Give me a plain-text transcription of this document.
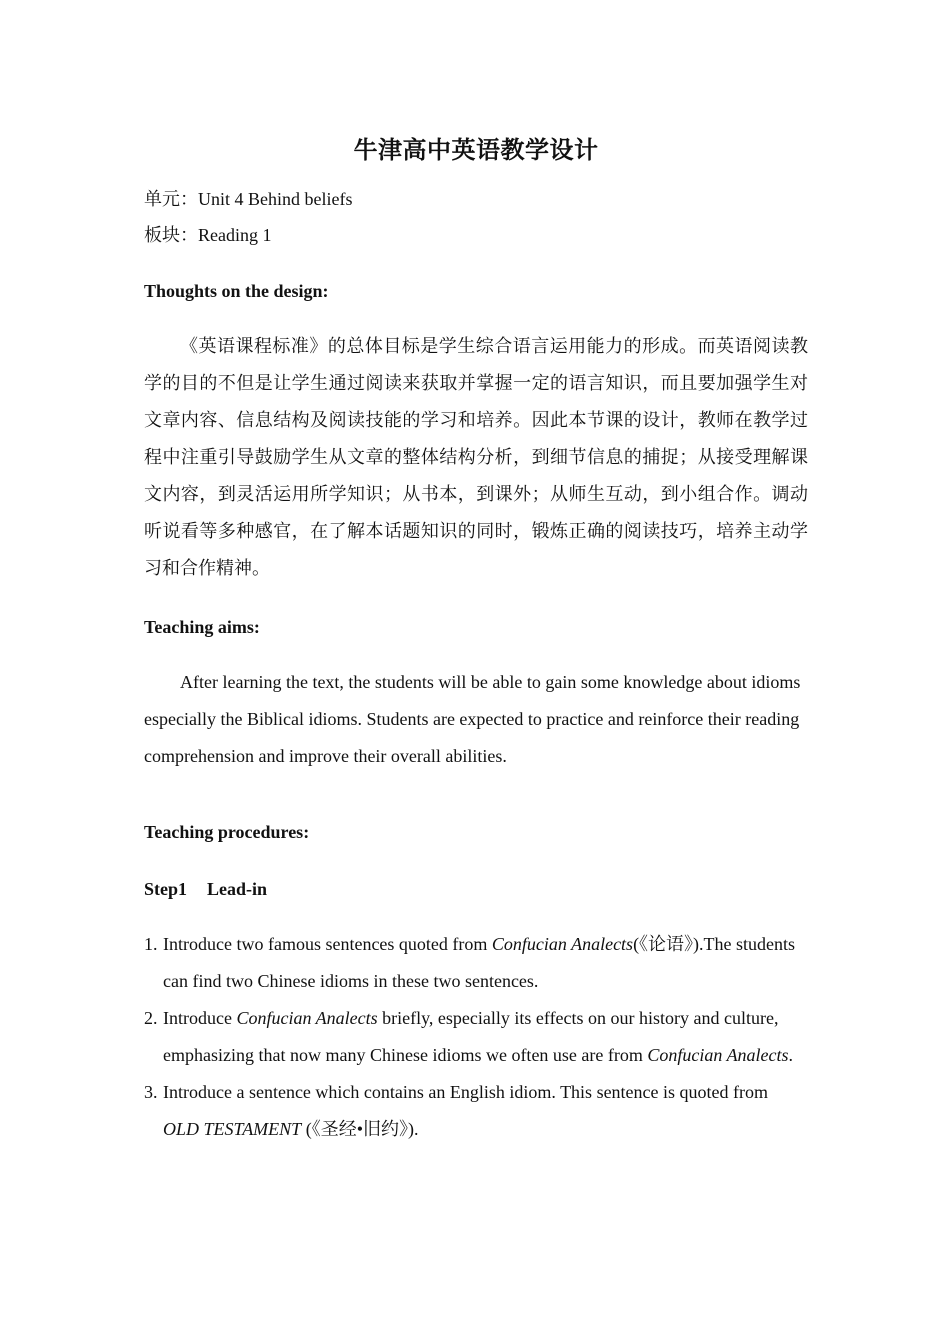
牛津高中英语教学设计
单元：Unit 4 Behind beliefs
板块：Reading 1
Thoughts on the design:
《英语课程标准》的总体目标是学生综合语言运用能力的形成。而英语阅读教学的目的不但是让学生通过阅读来获取并掌握一定的语言知识，而且要加强学生对文章内容、信息结构及阅读技能的学习和培养。因此本节课的设计，教师在教学过程中注重引导鼓励学生从文章的整体结构分析，到细节信息的捕捉；从接受理解课文内容，到灵活运用所学知识；从书本，到课外；从师生互动，到小组合作。调动听说看等多种感官，在了解本话题知识的同时，锻炼正确的阅读技巧，培养主动学习和合作精神。
Teaching aims:
After learning the text, the students will be able to gain some knowledge about idioms especially the Biblical idioms. Students are expected to practice and reinforce their reading comprehension and improve their overall abilities.
Teaching procedures:
Step1 Lead-in
1. Introduce two famous sentences quoted from Confucian Analects(《论语》).The students can find two Chinese idioms in these two sentences.
2. Introduce Confucian Analects briefly, especially its effects on our history and culture, emphasizing that now many Chinese idioms we often use are from Confucian Analects.
3. Introduce a sentence which contains an English idiom. This sentence is quoted from OLD TESTAMENT (《圣经•旧约》).
